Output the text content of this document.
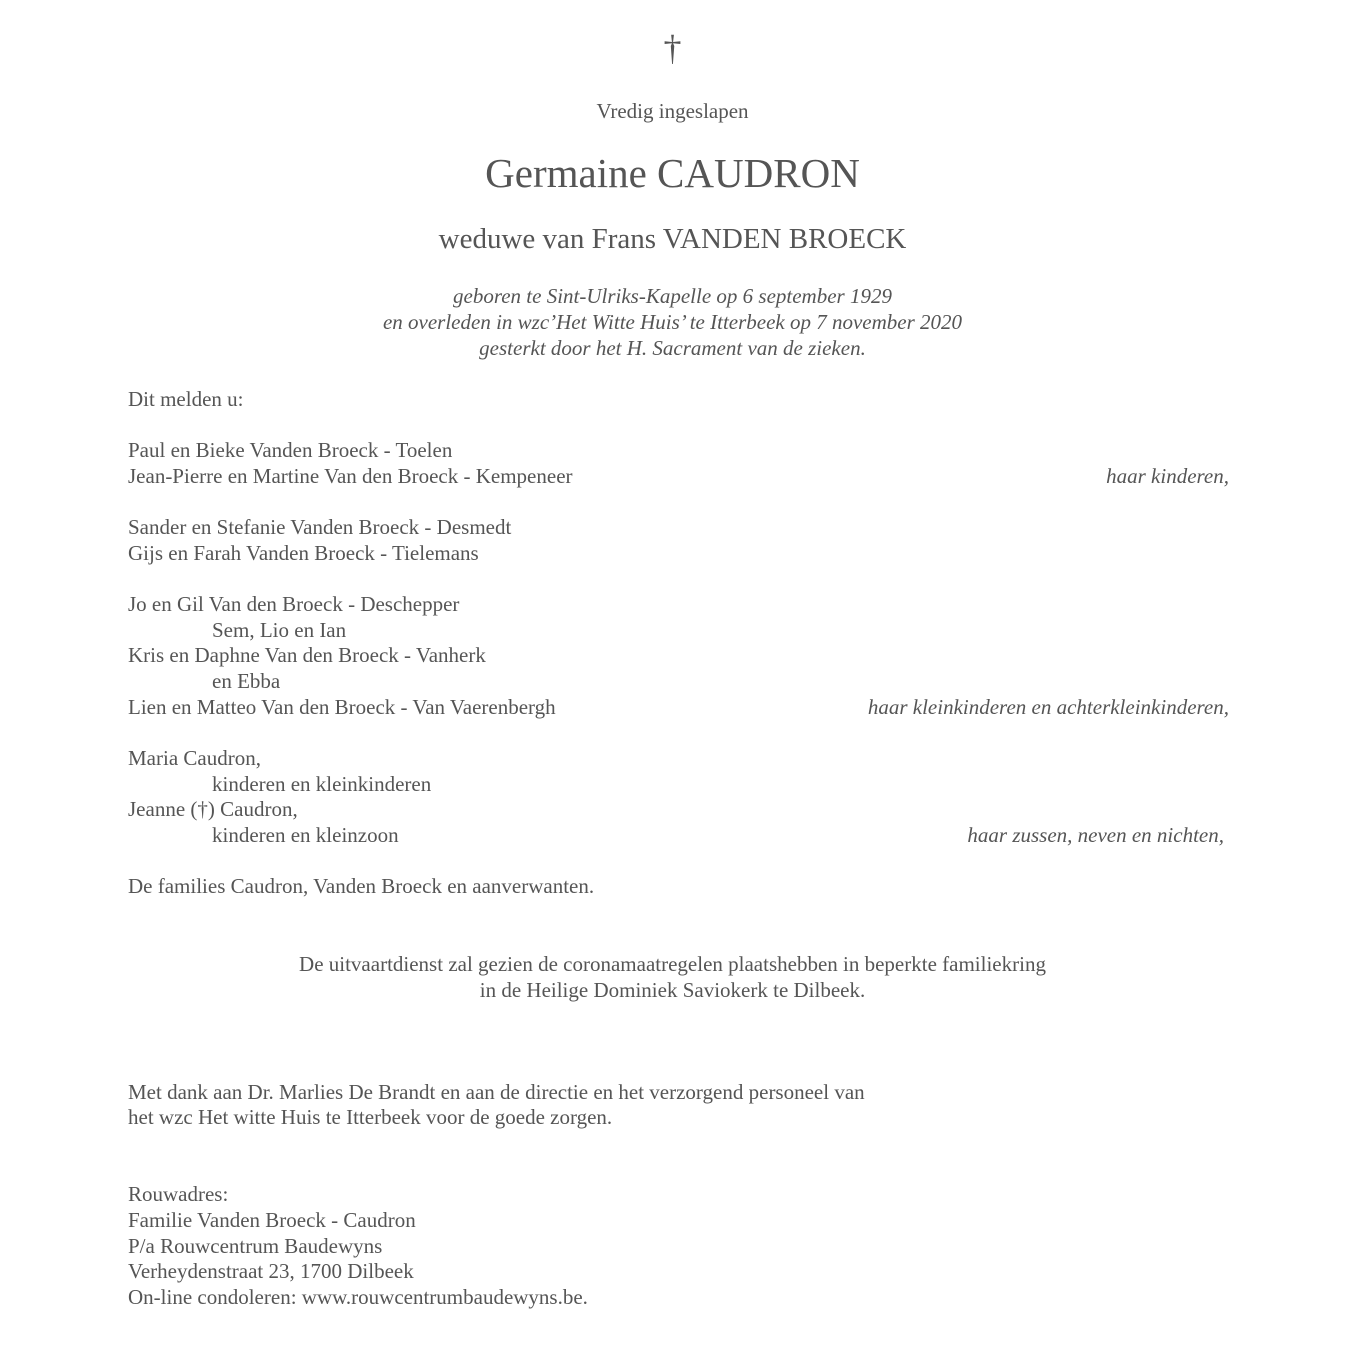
†
Vredig ingeslapen
Germaine CAUDRON
weduwe van Frans VANDEN BROECK
geboren te Sint-Ulriks-Kapelle op 6 september 1929
en overleden in wzc’Het Witte Huis’ te Itterbeek op 7 november 2020
gesterkt door het H. Sacrament van de zieken.
Dit melden u:
Paul en Bieke Vanden Broeck - Toelen
Jean-Pierre en Martine Van den Broeck - Kempeneer	haar kinderen,
Sander en Stefanie Vanden Broeck - Desmedt
Gijs en Farah Vanden Broeck - Tielemans
Jo en Gil Van den Broeck - Deschepper
Sem, Lio en Ian
Kris en Daphne Van den Broeck - Vanherk
en Ebba
Lien en Matteo Van den Broeck - Van Vaerenbergh	haar kleinkinderen en achterkleinkinderen,
Maria Caudron,
kinderen en kleinkinderen
Jeanne (†) Caudron,
kinderen en kleinzoon	haar zussen, neven en nichten,
De families Caudron, Vanden Broeck en aanverwanten.
De uitvaartdienst zal gezien de coronamaatregelen plaatshebben in beperkte familiekring
in de Heilige Dominiek Saviokerk te Dilbeek.
Met dank aan Dr. Marlies De Brandt en aan de directie en het verzorgend personeel van
het wzc Het witte Huis te Itterbeek voor de goede zorgen.
Rouwadres:
Familie Vanden Broeck - Caudron
P/a Rouwcentrum Baudewyns
Verheydenstraat 23, 1700 Dilbeek
On-line condoleren: www.rouwcentrumbaudewyns.be.
